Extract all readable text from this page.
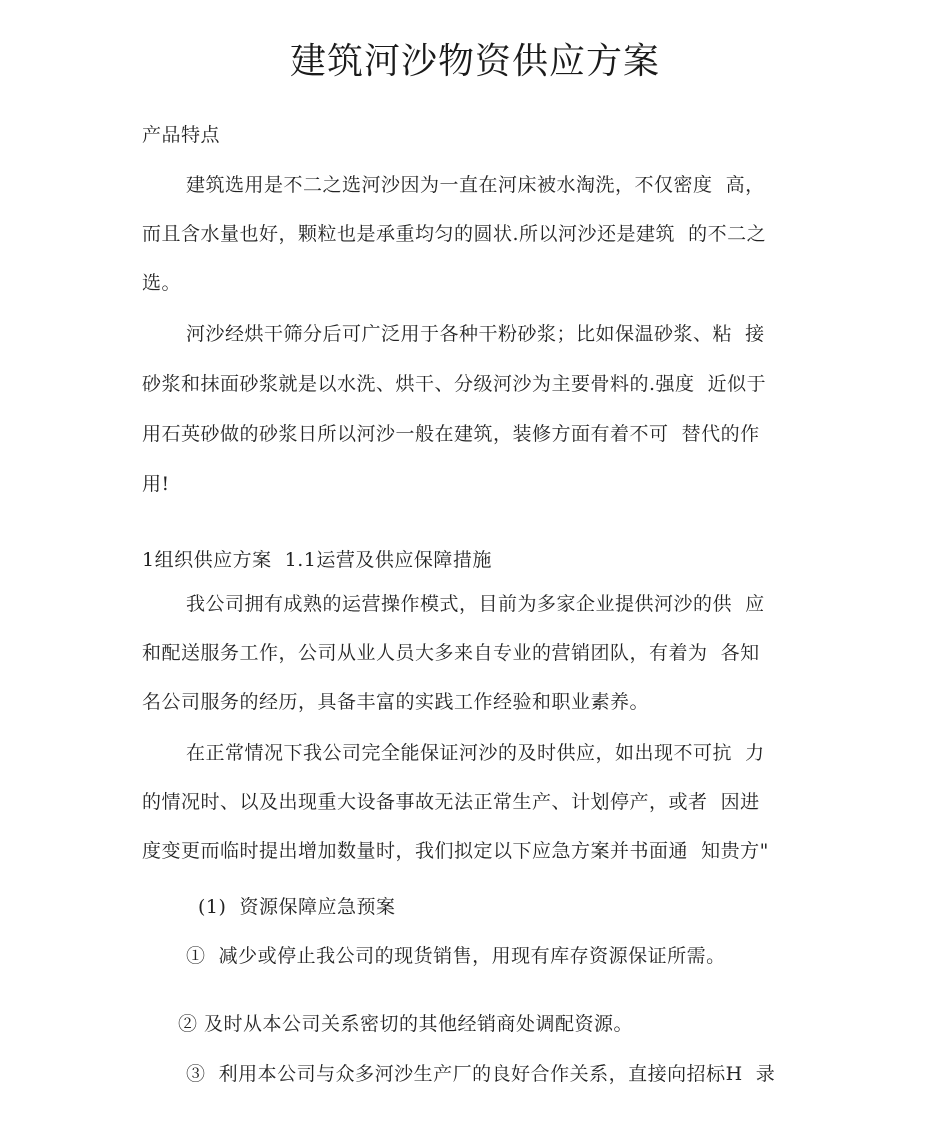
建筑河沙物资供应方案
产品特点
建筑选用是不二之选河沙因为一直在河床被水淘洗，不仅密度  高，
而且含水量也好，颗粒也是承重均匀的圆状.所以河沙还是建筑  的不二之
选。
河沙经烘干筛分后可广泛用于各种干粉砂浆；比如保温砂浆、粘  接
砂浆和抹面砂浆就是以水洗、烘干、分级河沙为主要骨料的.强度  近似于
用石英砂做的砂浆日所以河沙一般在建筑，装修方面有着不可  替代的作
用!
1组织供应方案  1.1运营及供应保障措施
我公司拥有成熟的运营操作模式，目前为多家企业提供河沙的供  应
和配送服务工作，公司从业人员大多来自专业的营销团队，有着为  各知
名公司服务的经历，具备丰富的实践工作经验和职业素养。
在正常情况下我公司完全能保证河沙的及时供应，如出现不可抗  力
的情况时、以及出现重大设备事故无法正常生产、计划停产，或者  因进
度变更而临时提出增加数量时，我们拟定以下应急方案并书面通  知贵方"
(1)  资源保障应急预案
①  减少或停止我公司的现货销售，用现有库存资源保证所需。
② 及时从本公司关系密切的其他经销商处调配资源。
③  利用本公司与众多河沙生产厂的良好合作关系，直接向招标H  录
